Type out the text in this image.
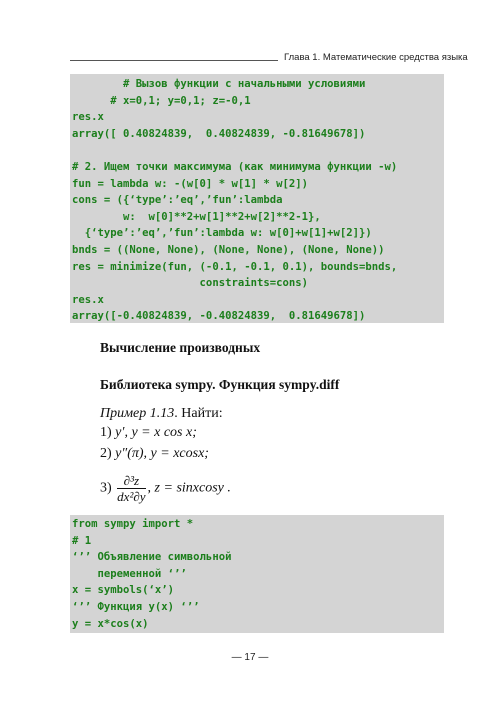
Глава 1. Математические средства языка
# Вызов функции с начальными условиями
# x=0,1; y=0,1; z=-0,1
res.x
array([ 0.40824839,  0.40824839, -0.81649678])
# 2. Ищем точки максимума (как минимума функции -w)
fun = lambda w: -(w[0] * w[1] * w[2])
cons = ({‘type’:’eq’,’fun’:lambda
w:  w[0]**2+w[1]**2+w[2]**2-1},
{‘type’:’eq’,’fun’:lambda w: w[0]+w[1]+w[2]})
bnds = ((None, None), (None, None), (None, None))
res = minimize(fun, (-0.1, -0.1, 0.1), bounds=bnds,
constraints=cons)
res.x
array([-0.40824839, -0.40824839,  0.81649678])
Вычисление производных
Библиотека sympy. Функция sympy.diff
Пример 1.13. Найти:
1) y′, y = x cos x;
2) y″(π), y = xcosx;
$3) \frac{\text{∂³z}}{\text{dx²∂y}}$ , z = sinxcosy .
from sympy import *
# 1
‘’’ Объявление символьной
переменной ‘’’
x = symbols(‘x’)
‘’’ Функция y(x) ‘’’
y = x*cos(x)
— 17 —
